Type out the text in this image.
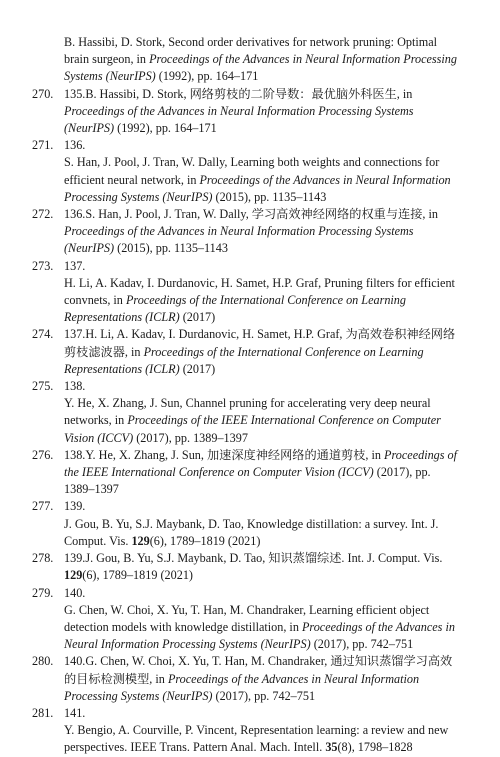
B. Hassibi, D. Stork, Second order derivatives for network pruning: Optimal brain surgeon, in Proceedings of the Advances in Neural Information Processing Systems (NeurIPS) (1992), pp. 164–171
270. 135.B. Hassibi, D. Stork, 网络剪枝的二阶导数：最优脑外科医生, in Proceedings of the Advances in Neural Information Processing Systems (NeurIPS) (1992), pp. 164–171
271. 136.
S. Han, J. Pool, J. Tran, W. Dally, Learning both weights and connections for efficient neural network, in Proceedings of the Advances in Neural Information Processing Systems (NeurIPS) (2015), pp. 1135–1143
272. 136.S. Han, J. Pool, J. Tran, W. Dally, 学习高效神经网络的权重与连接, in Proceedings of the Advances in Neural Information Processing Systems (NeurIPS) (2015), pp. 1135–1143
273. 137.
H. Li, A. Kadav, I. Durdanovic, H. Samet, H.P. Graf, Pruning filters for efficient convnets, in Proceedings of the International Conference on Learning Representations (ICLR) (2017)
274. 137.H. Li, A. Kadav, I. Durdanovic, H. Samet, H.P. Graf, 为高效卷积神经网络剪枝滤波器, in Proceedings of the International Conference on Learning Representations (ICLR) (2017)
275. 138.
Y. He, X. Zhang, J. Sun, Channel pruning for accelerating very deep neural networks, in Proceedings of the IEEE International Conference on Computer Vision (ICCV) (2017), pp. 1389–1397
276. 138.Y. He, X. Zhang, J. Sun, 加速深度神经网络的通道剪枝, in Proceedings of the IEEE International Conference on Computer Vision (ICCV) (2017), pp. 1389–1397
277. 139.
J. Gou, B. Yu, S.J. Maybank, D. Tao, Knowledge distillation: a survey. Int. J. Comput. Vis. 129(6), 1789–1819 (2021)
278. 139.J. Gou, B. Yu, S.J. Maybank, D. Tao, 知识蒸馏综述. Int. J. Comput. Vis. 129(6), 1789–1819 (2021)
279. 140.
G. Chen, W. Choi, X. Yu, T. Han, M. Chandraker, Learning efficient object detection models with knowledge distillation, in Proceedings of the Advances in Neural Information Processing Systems (NeurIPS) (2017), pp. 742–751
280. 140.G. Chen, W. Choi, X. Yu, T. Han, M. Chandraker, 通过知识蒸馏学习高效的目标检测模型, in Proceedings of the Advances in Neural Information Processing Systems (NeurIPS) (2017), pp. 742–751
281. 141.
Y. Bengio, A. Courville, P. Vincent, Representation learning: a review and new perspectives. IEEE Trans. Pattern Anal. Mach. Intell. 35(8), 1798–1828
